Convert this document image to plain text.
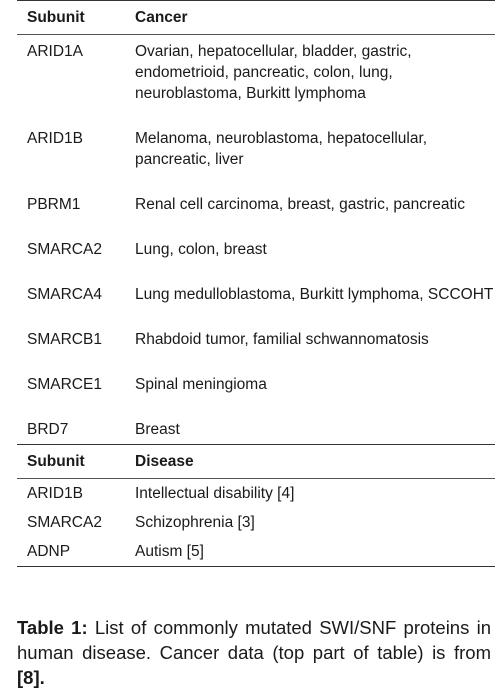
Subunit	Cancer
ARID1A	Ovarian, hepatocellular, bladder, gastric, endometrioid, pancreatic, colon, lung, neuroblastoma, Burkitt lymphoma
ARID1B	Melanoma, neuroblastoma, hepatocellular, pancreatic, liver
PBRM1	Renal cell carcinoma, breast, gastric, pancreatic
SMARCA2	Lung, colon, breast
SMARCA4	Lung medulloblastoma, Burkitt lymphoma, SCCOHT
SMARCB1	Rhabdoid tumor, familial schwannomatosis
SMARCE1	Spinal meningioma
BRD7	Breast
Subunit	Disease
ARID1B	Intellectual disability [4]
SMARCA2	Schizophrenia [3]
ADNP	Autism [5]

Table 1: List of commonly mutated SWI/SNF proteins in human disease. Cancer data (top part of table) is from [8].
